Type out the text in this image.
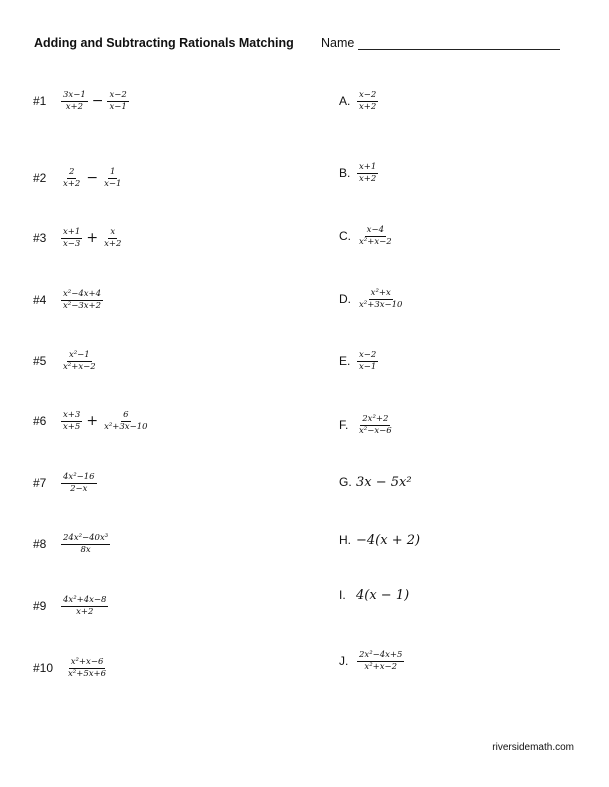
Adding and Subtracting Rationals Matching Name
#1	$\frac{3x-1}{x+2} - \frac{x-2}{x-1}$
#2	$\frac{2}{x+2} - \frac{1}{x-1}$
#3	$\frac{x+1}{x-3} + \frac{x}{x+2}$
#4	$\frac{\text{x²−4x+4}}{\text{x²−3x+2}}$
#5	$\frac{\text{x²−1}}{\text{x²+x−2}}$
#6	$\frac{x+3}{x+5} + \frac{6}{\text{x²+3x−10}}$
#7	$\frac{\text{4x²−16}}{2-x}$
#8	$\frac{\text{24x²−40x³}}{8x}$
#9	$\frac{\text{4x²+4x−8}}{x+2}$
#10	$\frac{\text{x²+x−6}}{\text{x²+5x+6}}$
A. $\frac{x-2}{x+2}$
B. $\frac{x+1}{x+2}$
C. $\frac{x-4}{\text{x²+x−2}}$
D. $\frac{\text{x²+x}}{\text{x²+3x−10}}$
E. $\frac{x-2}{x-1}$
F.	$\frac{\text{2x²+2}}{\text{x²−x−6}}$
G. 3x − 5x²
H. −4(x + 2)
I. 4(x − 1)
J.	$\frac{\text{2x²−4x+5}}{\text{x²+x−2}}$
riversidemath.com
